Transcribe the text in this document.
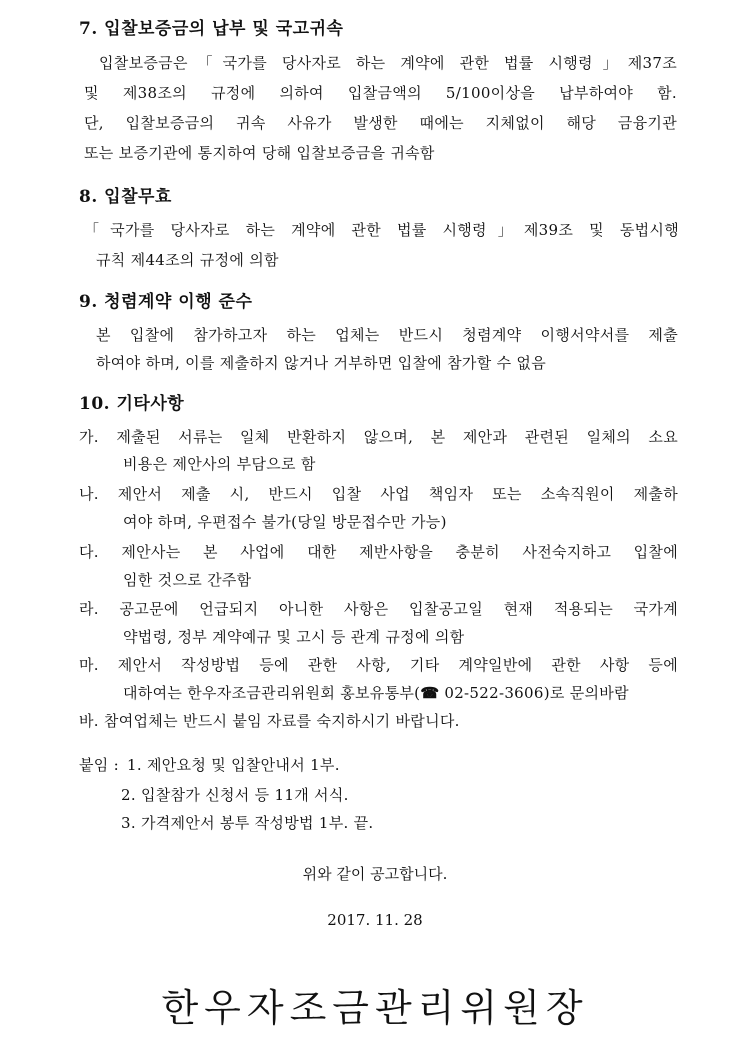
7. 입찰보증금의 납부 및 국고귀속
입찰보증금은「국가를 당사자로 하는 계약에 관한 법률 시행령」제37조
및 제38조의 규정에 의하여 입찰금액의 5/100이상을 납부하여야 함.
단, 입찰보증금의 귀속 사유가 발생한 때에는 지체없이 해당 금융기관
또는 보증기관에 통지하여 당해 입찰보증금을 귀속함
8. 입찰무효
「국가를 당사자로 하는 계약에 관한 법률 시행령」제39조 및 동법시행
규칙 제44조의 규정에 의함
9. 청렴계약 이행 준수
본 입찰에 참가하고자 하는 업체는 반드시 청렴계약 이행서약서를 제출
하여야 하며, 이를 제출하지 않거나 거부하면 입찰에 참가할 수 없음
10. 기타사항
가. 제출된 서류는 일체 반환하지 않으며, 본 제안과 관련된 일체의 소요
비용은 제안사의 부담으로 함
나. 제안서 제출 시, 반드시 입찰 사업 책임자 또는 소속직원이 제출하
여야 하며, 우편접수 불가(당일 방문접수만 가능)
다. 제안사는 본 사업에 대한 제반사항을 충분히 사전숙지하고 입찰에
임한 것으로 간주함
라. 공고문에 언급되지 아니한 사항은 입찰공고일 현재 적용되는 국가계
약법령, 정부 계약예규 및 고시 등 관계 규정에 의함
마. 제안서 작성방법 등에 관한 사항, 기타 계약일반에 관한 사항 등에
대하여는 한우자조금관리위원회 홍보유통부(☎ 02-522-3606)로 문의바람
바. 참여업체는 반드시 붙임 자료를 숙지하시기 바랍니다.
붙임 : 1. 제안요청 및 입찰안내서 1부.
2. 입찰참가 신청서 등 11개 서식.
3. 가격제안서 봉투 작성방법 1부. 끝.
위와 같이 공고합니다.
2017. 11. 28
한우자조금관리위원장
